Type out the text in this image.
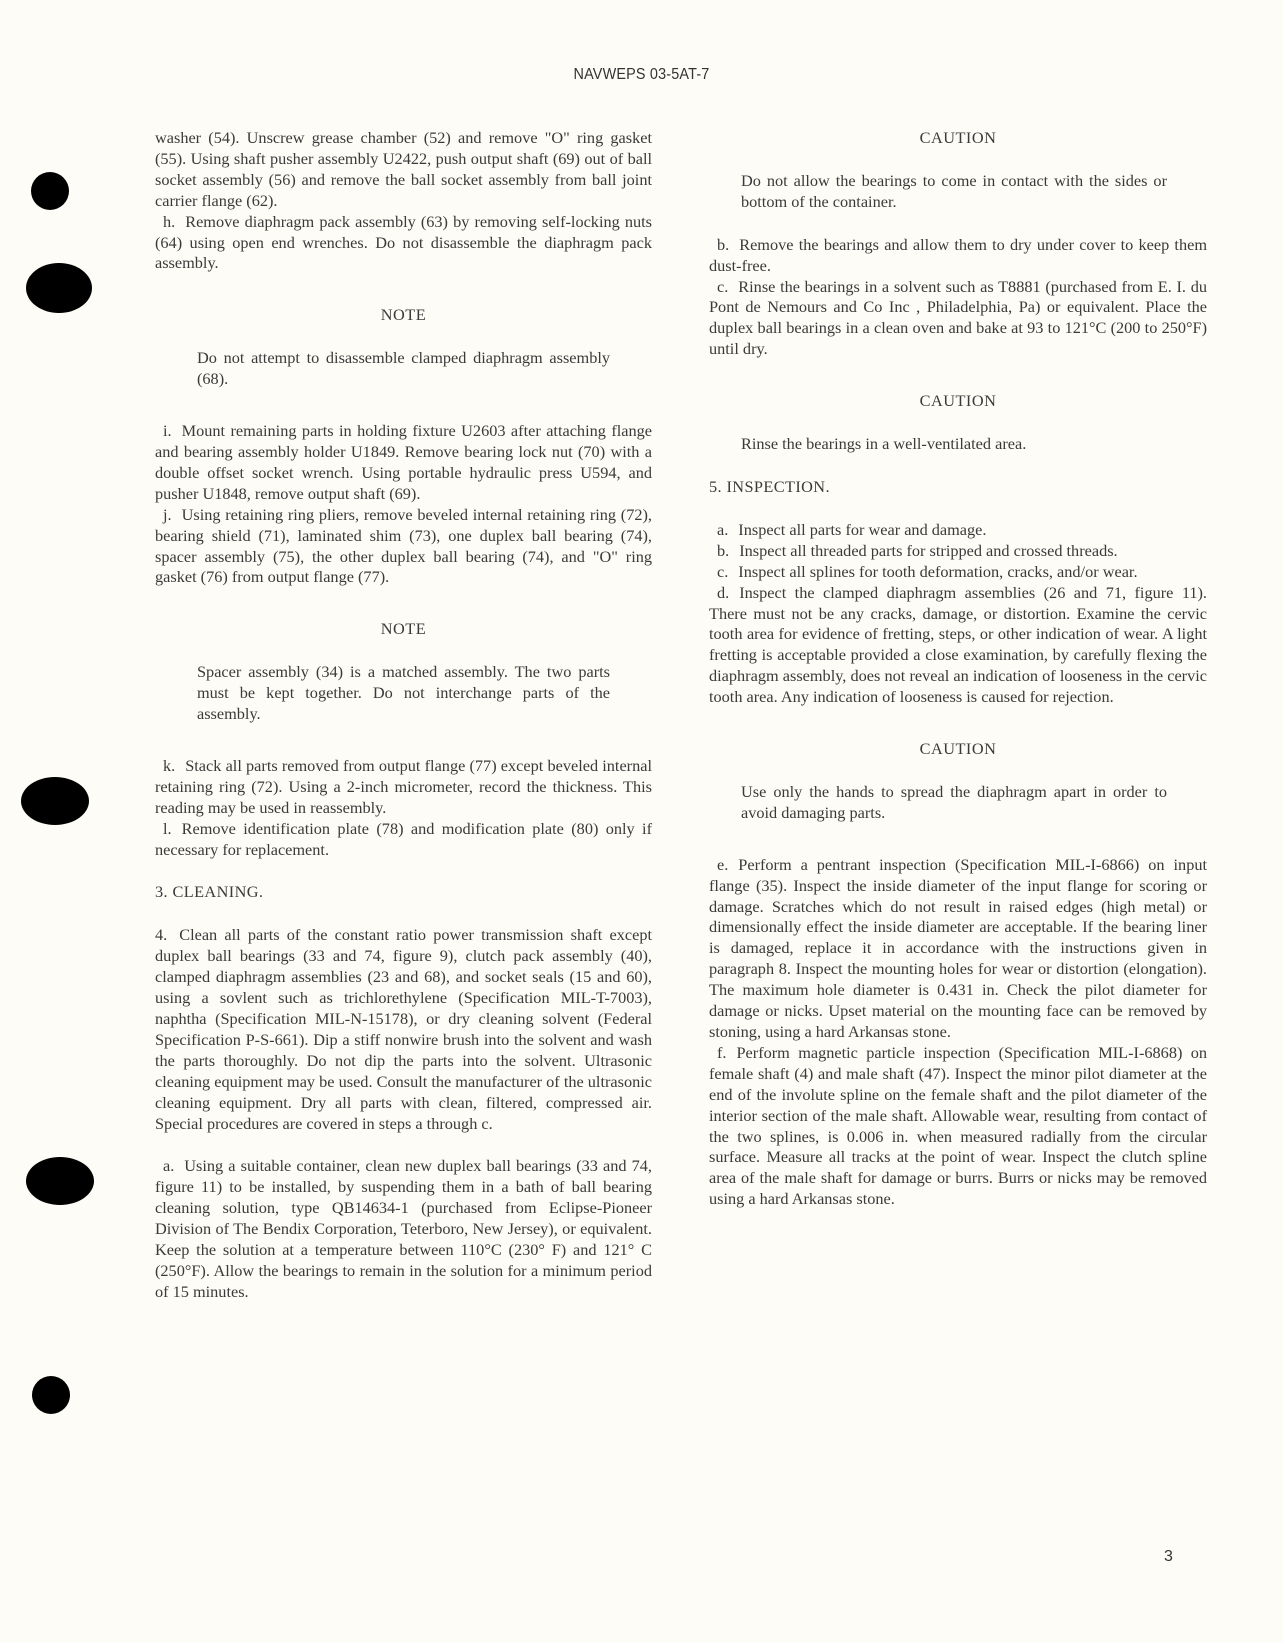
NAVWEPS 03-5AT-7

washer (54). Unscrew grease chamber (52) and remove "O" ring gasket (55). Using shaft pusher assembly U2422, push output shaft (69) out of ball socket assembly (56) and remove the ball socket assembly from ball joint carrier flange (62).

h. Remove diaphragm pack assembly (63) by removing self-locking nuts (64) using open end wrenches. Do not disassemble the diaphragm pack assembly.

NOTE

Do not attempt to disassemble clamped diaphragm assembly (68).

i. Mount remaining parts in holding fixture U2603 after attaching flange and bearing assembly holder U1849. Remove bearing lock nut (70) with a double offset socket wrench. Using portable hydraulic press U594, and pusher U1848, remove output shaft (69).

j. Using retaining ring pliers, remove beveled internal retaining ring (72), bearing shield (71), laminated shim (73), one duplex ball bearing (74), spacer assembly (75), the other duplex ball bearing (74), and "O" ring gasket (76) from output flange (77).

NOTE

Spacer assembly (34) is a matched assembly. The two parts must be kept together. Do not interchange parts of the assembly.

k. Stack all parts removed from output flange (77) except beveled internal retaining ring (72). Using a 2-inch micrometer, record the thickness. This reading may be used in reassembly.

l. Remove identification plate (78) and modification plate (80) only if necessary for replacement.

3. CLEANING.

4. Clean all parts of the constant ratio power transmission shaft except duplex ball bearings (33 and 74, figure 9), clutch pack assembly (40), clamped diaphragm assemblies (23 and 68), and socket seals (15 and 60), using a sovlent such as trichlorethylene (Specification MIL-T-7003), naphtha (Specification MIL-N-15178), or dry cleaning solvent (Federal Specification P-S-661). Dip a stiff nonwire brush into the solvent and wash the parts thoroughly. Do not dip the parts into the solvent. Ultrasonic cleaning equipment may be used. Consult the manufacturer of the ultrasonic cleaning equipment. Dry all parts with clean, filtered, compressed air. Special procedures are covered in steps a through c.

a. Using a suitable container, clean new duplex ball bearings (33 and 74, figure 11) to be installed, by suspending them in a bath of ball bearing cleaning solution, type QB14634-1 (purchased from Eclipse-Pioneer Division of The Bendix Corporation, Teterboro, New Jersey), or equivalent. Keep the solution at a temperature between 110°C (230° F) and 121° C (250°F). Allow the bearings to remain in the solution for a minimum period of 15 minutes.

CAUTION

Do not allow the bearings to come in contact with the sides or bottom of the container.

b. Remove the bearings and allow them to dry under cover to keep them dust-free.

c. Rinse the bearings in a solvent such as T8881 (purchased from E. I. du Pont de Nemours and Co Inc , Philadelphia, Pa) or equivalent. Place the duplex ball bearings in a clean oven and bake at 93 to 121°C (200 to 250°F) until dry.

CAUTION

Rinse the bearings in a well-ventilated area.

5. INSPECTION.

a. Inspect all parts for wear and damage.

b. Inspect all threaded parts for stripped and crossed threads.

c. Inspect all splines for tooth deformation, cracks, and/or wear.

d. Inspect the clamped diaphragm assemblies (26 and 71, figure 11). There must not be any cracks, damage, or distortion. Examine the cervic tooth area for evidence of fretting, steps, or other indication of wear. A light fretting is acceptable provided a close examination, by carefully flexing the diaphragm assembly, does not reveal an indication of looseness in the cervic tooth area. Any indication of looseness is caused for rejection.

CAUTION

Use only the hands to spread the diaphragm apart in order to avoid damaging parts.

e. Perform a pentrant inspection (Specification MIL-I-6866) on input flange (35). Inspect the inside diameter of the input flange for scoring or damage. Scratches which do not result in raised edges (high metal) or dimensionally effect the inside diameter are acceptable. If the bearing liner is damaged, replace it in accordance with the instructions given in paragraph 8. Inspect the mounting holes for wear or distortion (elongation). The maximum hole diameter is 0.431 in. Check the pilot diameter for damage or nicks. Upset material on the mounting face can be removed by stoning, using a hard Arkansas stone.

f. Perform magnetic particle inspection (Specification MIL-I-6868) on female shaft (4) and male shaft (47). Inspect the minor pilot diameter at the end of the involute spline on the female shaft and the pilot diameter of the interior section of the male shaft. Allowable wear, resulting from contact of the two splines, is 0.006 in. when measured radially from the circular surface. Measure all tracks at the point of wear. Inspect the clutch spline area of the male shaft for damage or burrs. Burrs or nicks may be removed using a hard Arkansas stone.

3
